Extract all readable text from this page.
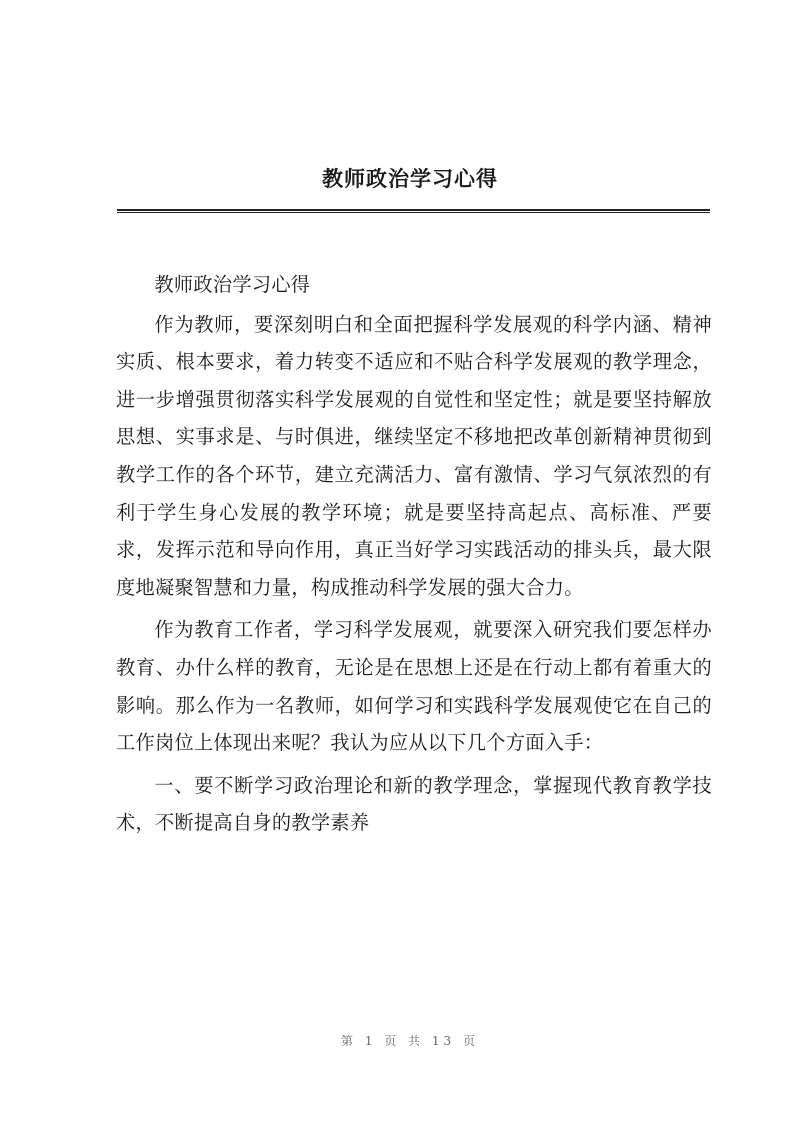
教师政治学习心得

教师政治学习心得

作为教师，要深刻明白和全面把握科学发展观的科学内涵、精神实质、根本要求，着力转变不适应和不贴合科学发展观的教学理念，进一步增强贯彻落实科学发展观的自觉性和坚定性；就是要坚持解放思想、实事求是、与时俱进，继续坚定不移地把改革创新精神贯彻到教学工作的各个环节，建立充满活力、富有激情、学习气氛浓烈的有利于学生身心发展的教学环境；就是要坚持高起点、高标准、严要求，发挥示范和导向作用，真正当好学习实践活动的排头兵，最大限度地凝聚智慧和力量，构成推动科学发展的强大合力。

作为教育工作者，学习科学发展观，就要深入研究我们要怎样办教育、办什么样的教育，无论是在思想上还是在行动上都有着重大的影响。那么作为一名教师，如何学习和实践科学发展观使它在自己的工作岗位上体现出来呢？我认为应从以下几个方面入手：

一、要不断学习政治理论和新的教学理念，掌握现代教育教学技术，不断提高自身的教学素养

第 1 页 共 13 页
